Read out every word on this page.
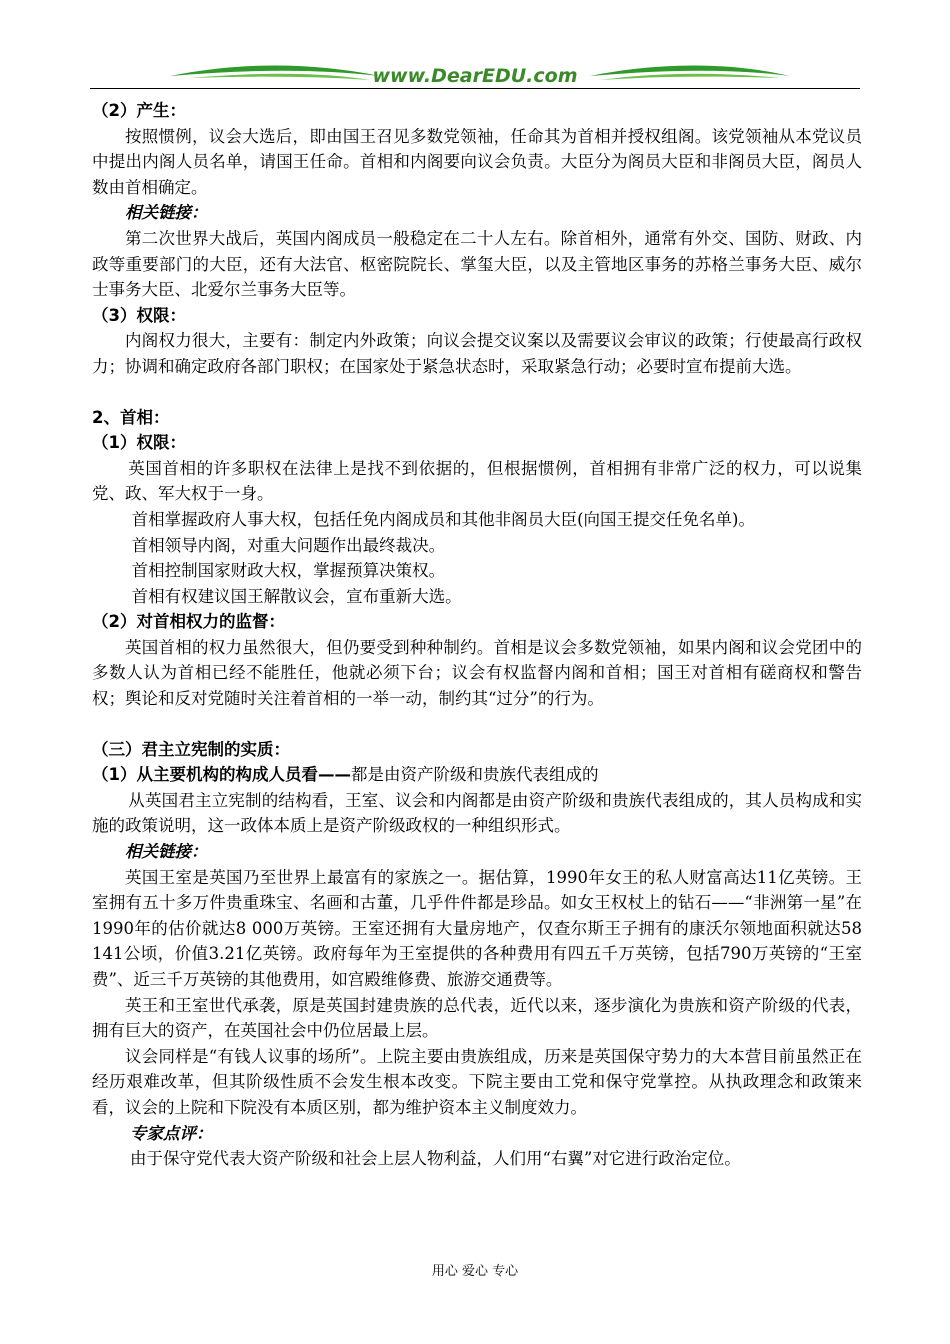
www.DearEDU.com

（2）产生：

按照惯例，议会大选后，即由国王召见多数党领袖，任命其为首相并授权组阁。该党领袖从本党议员中提出内阁人员名单，请国王任命。首相和内阁要向议会负责。大臣分为阁员大臣和非阁员大臣，阁员人数由首相确定。

相关链接：

第二次世界大战后，英国内阁成员一般稳定在二十人左右。除首相外，通常有外交、国防、财政、内政等重要部门的大臣，还有大法官、枢密院院长、掌玺大臣，以及主管地区事务的苏格兰事务大臣、威尔士事务大臣、北爱尔兰事务大臣等。

（3）权限：

内阁权力很大，主要有：制定内外政策；向议会提交议案以及需要议会审议的政策；行使最高行政权力；协调和确定政府各部门职权；在国家处于紧急状态时，采取紧急行动；必要时宣布提前大选。

2、首相：

（1）权限：

英国首相的许多职权在法律上是找不到依据的，但根据惯例，首相拥有非常广泛的权力，可以说集党、政、军大权于一身。

首相掌握政府人事大权，包括任免内阁成员和其他非阁员大臣(向国王提交任免名单)。

首相领导内阁，对重大问题作出最终裁决。

首相控制国家财政大权，掌握预算决策权。

首相有权建议国王解散议会，宣布重新大选。

（2）对首相权力的监督：

英国首相的权力虽然很大，但仍要受到种种制约。首相是议会多数党领袖，如果内阁和议会党团中的多数人认为首相已经不能胜任，他就必须下台；议会有权监督内阁和首相；国王对首相有磋商权和警告权；舆论和反对党随时关注着首相的一举一动，制约其“过分”的行为。

（三）君主立宪制的实质：

（1）从主要机构的构成人员看——都是由资产阶级和贵族代表组成的

从英国君主立宪制的结构看，王室、议会和内阁都是由资产阶级和贵族代表组成的，其人员构成和实施的政策说明，这一政体本质上是资产阶级政权的一种组织形式。

相关链接：

英国王室是英国乃至世界上最富有的家族之一。据估算，1990年女王的私人财富高达11亿英镑。王室拥有五十多万件贵重珠宝、名画和古董，几乎件件都是珍品。如女王权杖上的钻石——“非洲第一星”在1990年的估价就达8 000万英镑。王室还拥有大量房地产，仅查尔斯王子拥有的康沃尔领地面积就达58 141公顷，价值3.21亿英镑。政府每年为王室提供的各种费用有四五千万英镑，包括790万英镑的“王室费”、近三千万英镑的其他费用，如宫殿维修费、旅游交通费等。

英王和王室世代承袭，原是英国封建贵族的总代表，近代以来，逐步演化为贵族和资产阶级的代表，拥有巨大的资产，在英国社会中仍位居最上层。

议会同样是“有钱人议事的场所”。上院主要由贵族组成，历来是英国保守势力的大本营目前虽然正在经历艰难改革，但其阶级性质不会发生根本改变。下院主要由工党和保守党掌控。从执政理念和政策来看，议会的上院和下院没有本质区别，都为维护资本主义制度效力。

专家点评：

由于保守党代表大资产阶级和社会上层人物利益，人们用“右翼”对它进行政治定位。

用心 爱心 专心
